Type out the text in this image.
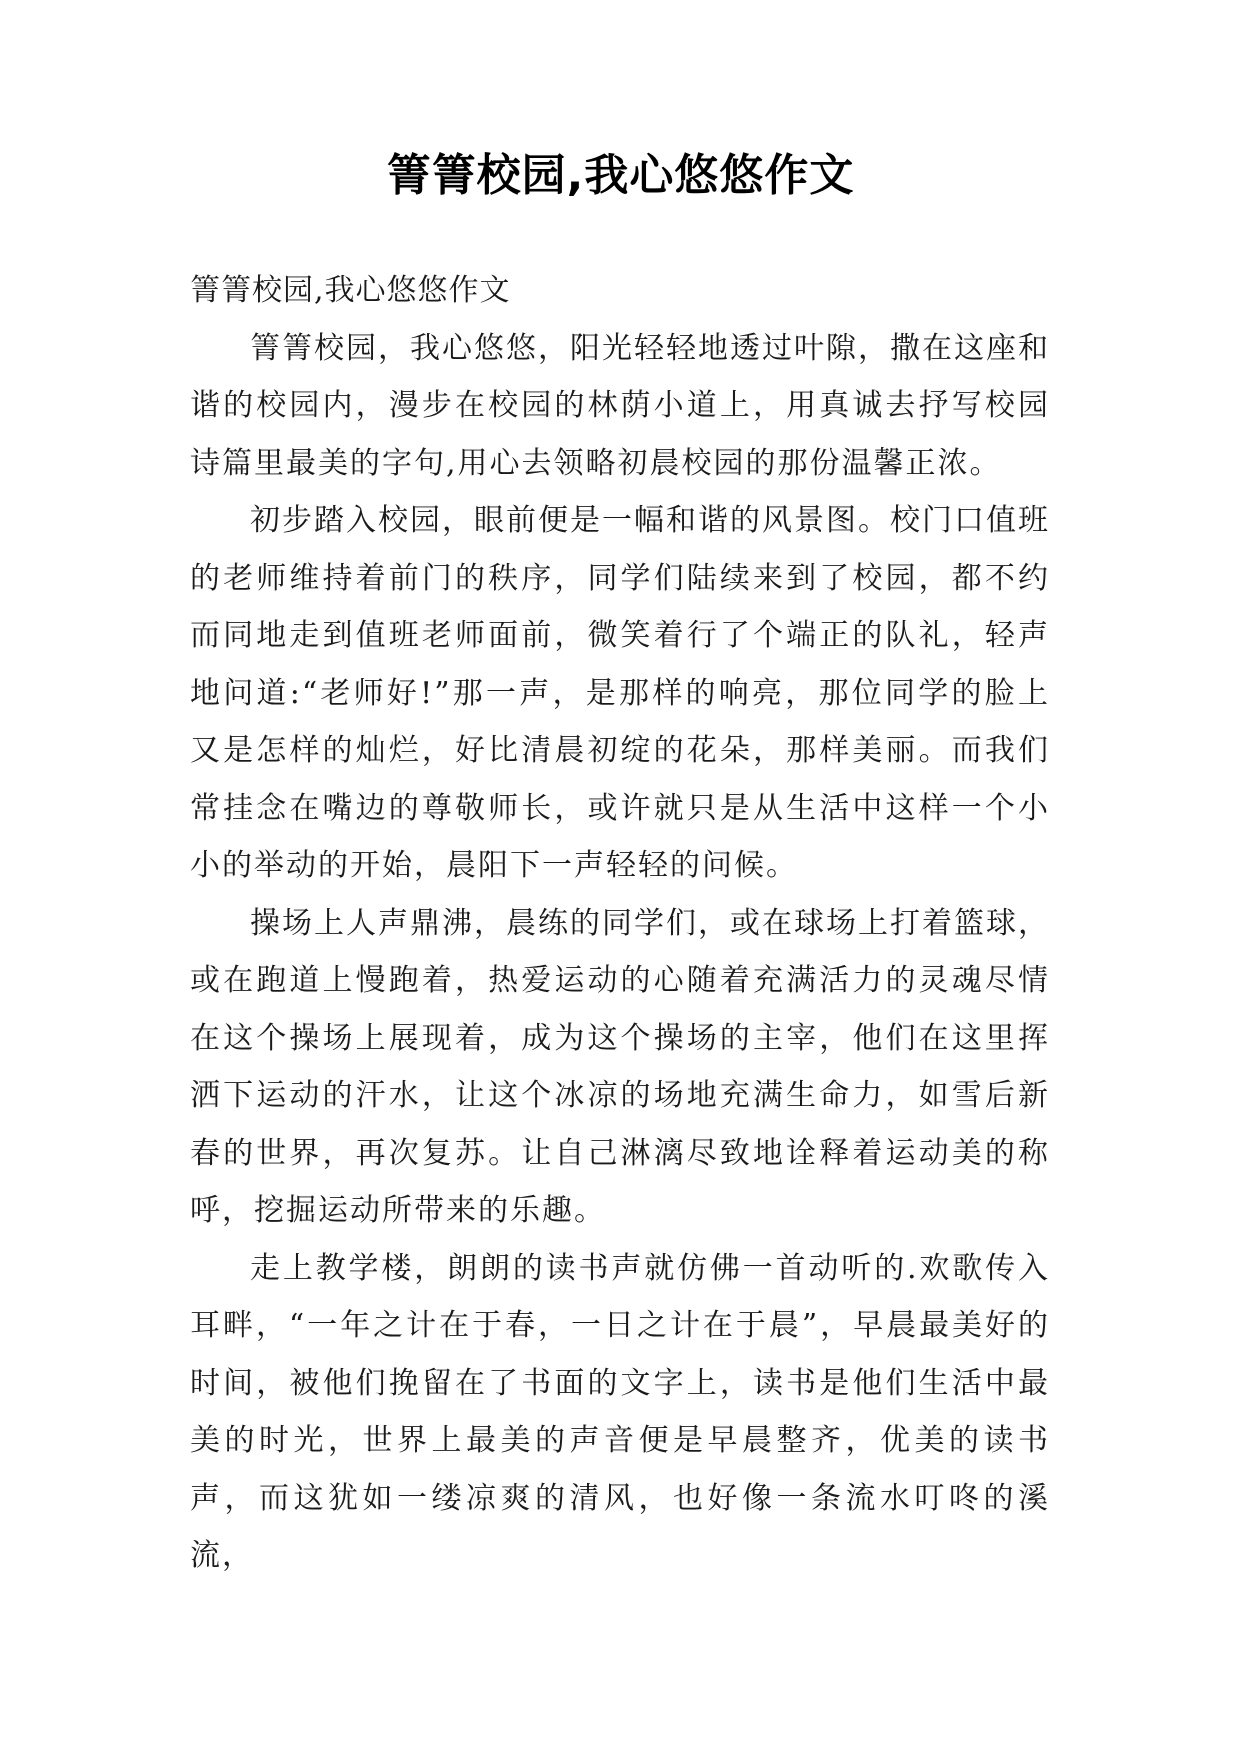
箐箐校园,我心悠悠作文

箐箐校园,我心悠悠作文

箐箐校园，我心悠悠，阳光轻轻地透过叶隙，撒在这座和谐的校园内，漫步在校园的林荫小道上，用真诚去抒写校园诗篇里最美的字句,用心去领略初晨校园的那份温馨正浓。

初步踏入校园，眼前便是一幅和谐的风景图。校门口值班的老师维持着前门的秩序，同学们陆续来到了校园，都不约而同地走到值班老师面前，微笑着行了个端正的队礼，轻声地问道:“老师好!”那一声，是那样的响亮，那位同学的脸上又是怎样的灿烂，好比清晨初绽的花朵，那样美丽。而我们常挂念在嘴边的尊敬师长，或许就只是从生活中这样一个小小的举动的开始，晨阳下一声轻轻的问候。

操场上人声鼎沸，晨练的同学们，或在球场上打着篮球，或在跑道上慢跑着，热爱运动的心随着充满活力的灵魂尽情在这个操场上展现着，成为这个操场的主宰，他们在这里挥洒下运动的汗水，让这个冰凉的场地充满生命力，如雪后新春的世界，再次复苏。让自己淋漓尽致地诠释着运动美的称呼，挖掘运动所带来的乐趣。

走上教学楼，朗朗的读书声就仿佛一首动听的.欢歌传入耳畔，“一年之计在于春，一日之计在于晨”，早晨最美好的时间，被他们挽留在了书面的文字上，读书是他们生活中最美的时光，世界上最美的声音便是早晨整齐，优美的读书声，而这犹如一缕凉爽的清风，也好像一条流水叮咚的溪流，
